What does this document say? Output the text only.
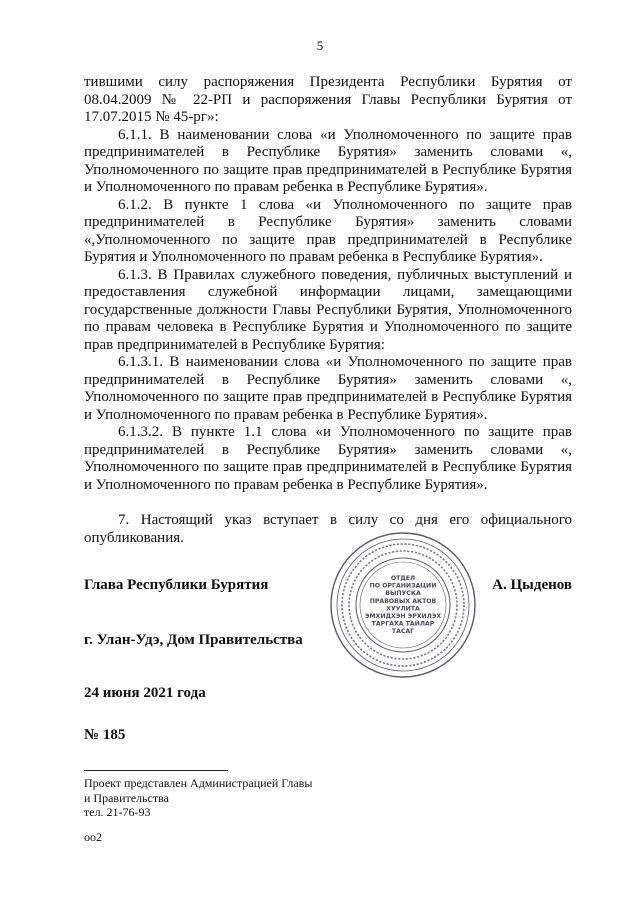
5

тившими силу распоряжения Президента Республики Бурятия от 08.04.2009 № 22-РП и распоряжения Главы Республики Бурятия от 17.07.2015 № 45-рг»:

6.1.1. В наименовании слова «и Уполномоченного по защите прав предпринимателей в Республике Бурятия» заменить словами «, Уполномоченного по защите прав предпринимателей в Республике Бурятия и Уполномоченного по правам ребенка в Республике Бурятия».

6.1.2. В пункте 1 слова «и Уполномоченного по защите прав предпринимателей в Республике Бурятия» заменить словами «,Уполномоченного по защите прав предпринимателей в Республике Бурятия и Уполномоченного по правам ребенка в Республике Бурятия».

6.1.3. В Правилах служебного поведения, публичных выступлений и предоставления служебной информации лицами, замещающими государственные должности Главы Республики Бурятия, Уполномоченного по правам человека в Республике Бурятия и Уполномоченного по защите прав предпринимателей в Республике Бурятия:

6.1.3.1. В наименовании слова «и Уполномоченного по защите прав предпринимателей в Республике Бурятия» заменить словами «, Уполномоченного по защите прав предпринимателей в Республике Бурятия и Уполномоченного по правам ребенка в Республике Бурятия».

6.1.3.2. В пункте 1.1 слова «и Уполномоченного по защите прав предпринимателей в Республике Бурятия» заменить словами «, Уполномоченного по защите прав предпринимателей в Республике Бурятия и Уполномоченного по правам ребенка в Республике Бурятия».

7. Настоящий указ вступает в силу со дня его официального опубликования.

ОТДЕЛ
ПО ОРГАНИЗАЦИИ
ВЫПУСКА
ПРАВОВЫХ АКТОВ
ХУУЛИТА
ЭМХИДХЭН ЭРХИЛЭХ
ТАРГАХА ТАЙЛАР
ТАСАГ
Глава Республики Бурятия	А. Цыденов
г. Улан-Удэ, Дом Правительства
24 июня 2021 года
№ 185
Проект представлен Администрацией Главы
и Правительства
тел. 21-76-93
оо2
